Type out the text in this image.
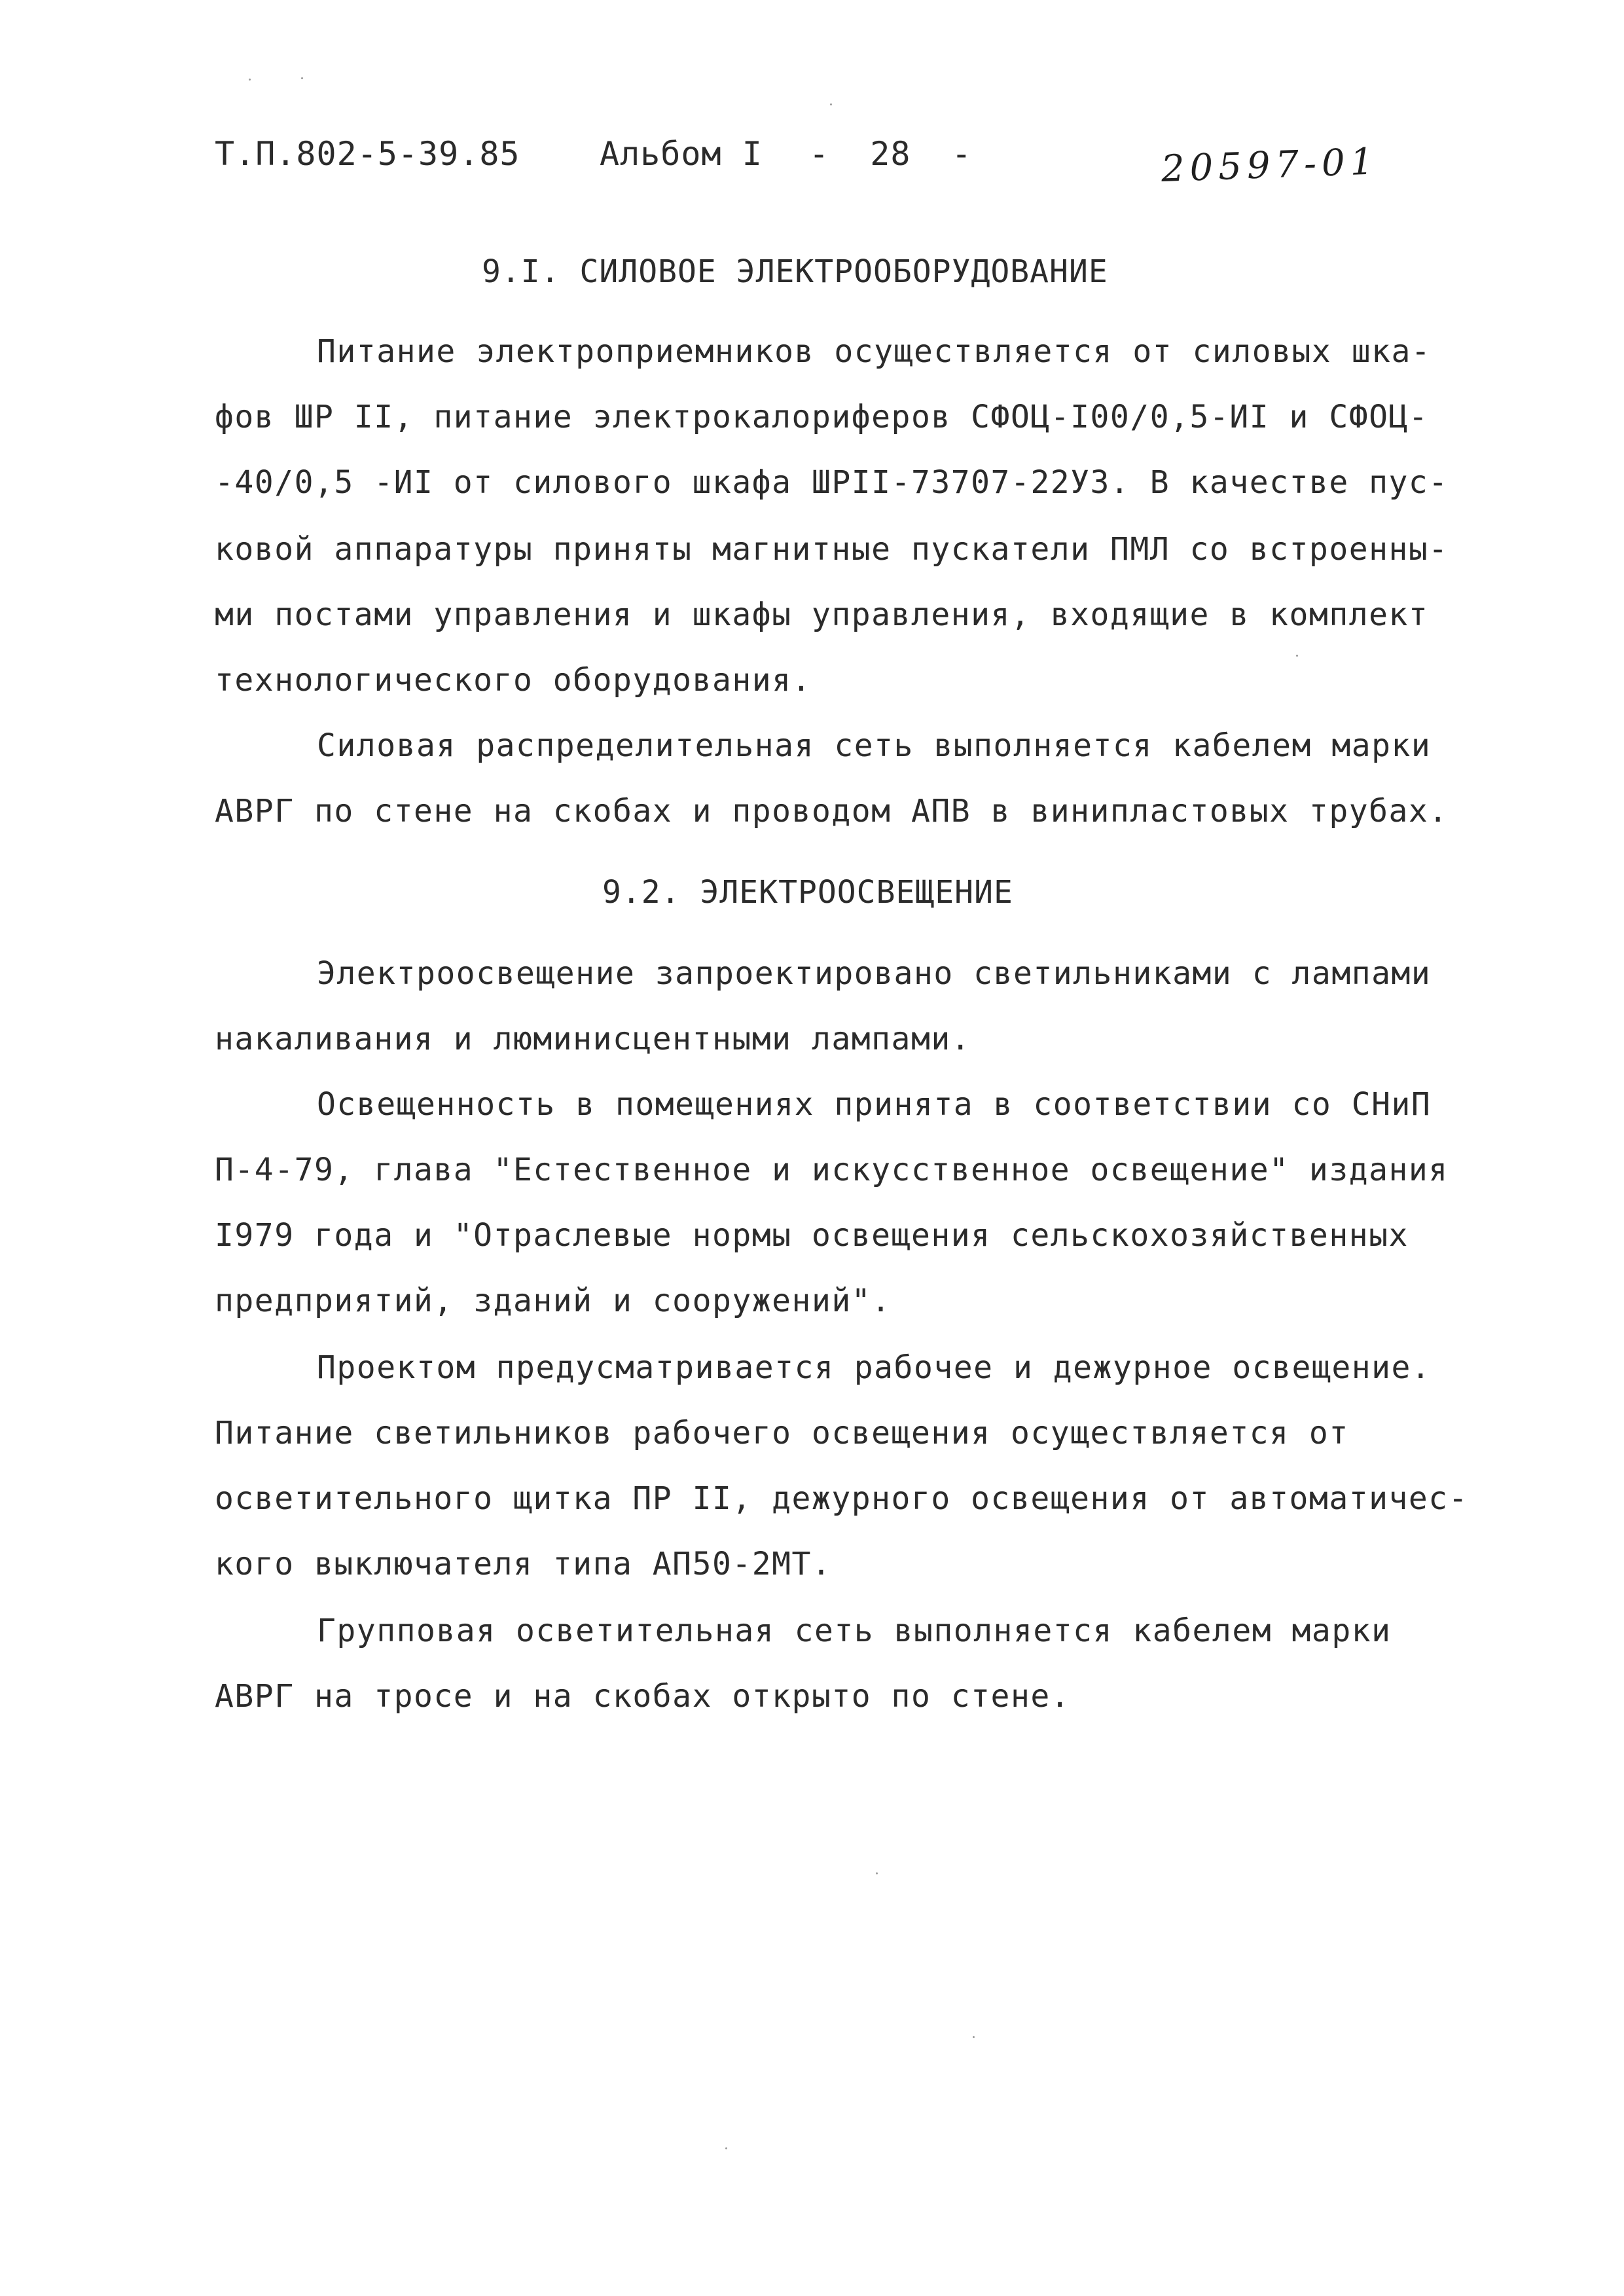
Т.П.802-5-39.85

Альбом I

-  28  -

	20597-01
9.I. СИЛОВОЕ ЭЛЕКТРООБОРУДОВАНИЕ
Питание электроприемников осуществляется от силовых шка-
фов ШР II, питание электрокалориферов СФОЦ-I00/0,5-ИI и СФОЦ-
-40/0,5 -ИI от силового шкафа ШРII-73707-22У3. В качестве пус-
ковой аппаратуры приняты магнитные пускатели ПМЛ со встроенны-
ми постами управления и шкафы управления, входящие в комплект
технологического оборудования.
Силовая распределительная сеть выполняется кабелем марки
АВРГ по стене на скобах и проводом АПВ в винипластовых трубах.
9.2. ЭЛЕКТРООСВЕЩЕНИЕ
Электроосвещение запроектировано светильниками с лампами
накаливания и люминисцентными лампами.
Освещенность в помещениях принята в соответствии со СНиП
П-4-79, глава "Естественное и искусственное освещение" издания
I979 года и "Отраслевые нормы освещения сельскохозяйственных
предприятий, зданий и сооружений".
Проектом предусматривается рабочее и дежурное освещение.
Питание светильников рабочего освещения осуществляется от
осветительного щитка ПР II, дежурного освещения от автоматичес-
кого выключателя типа АП50-2МТ.
Групповая осветительная сеть выполняется кабелем марки
АВРГ на тросе и на скобах открыто по стене.
